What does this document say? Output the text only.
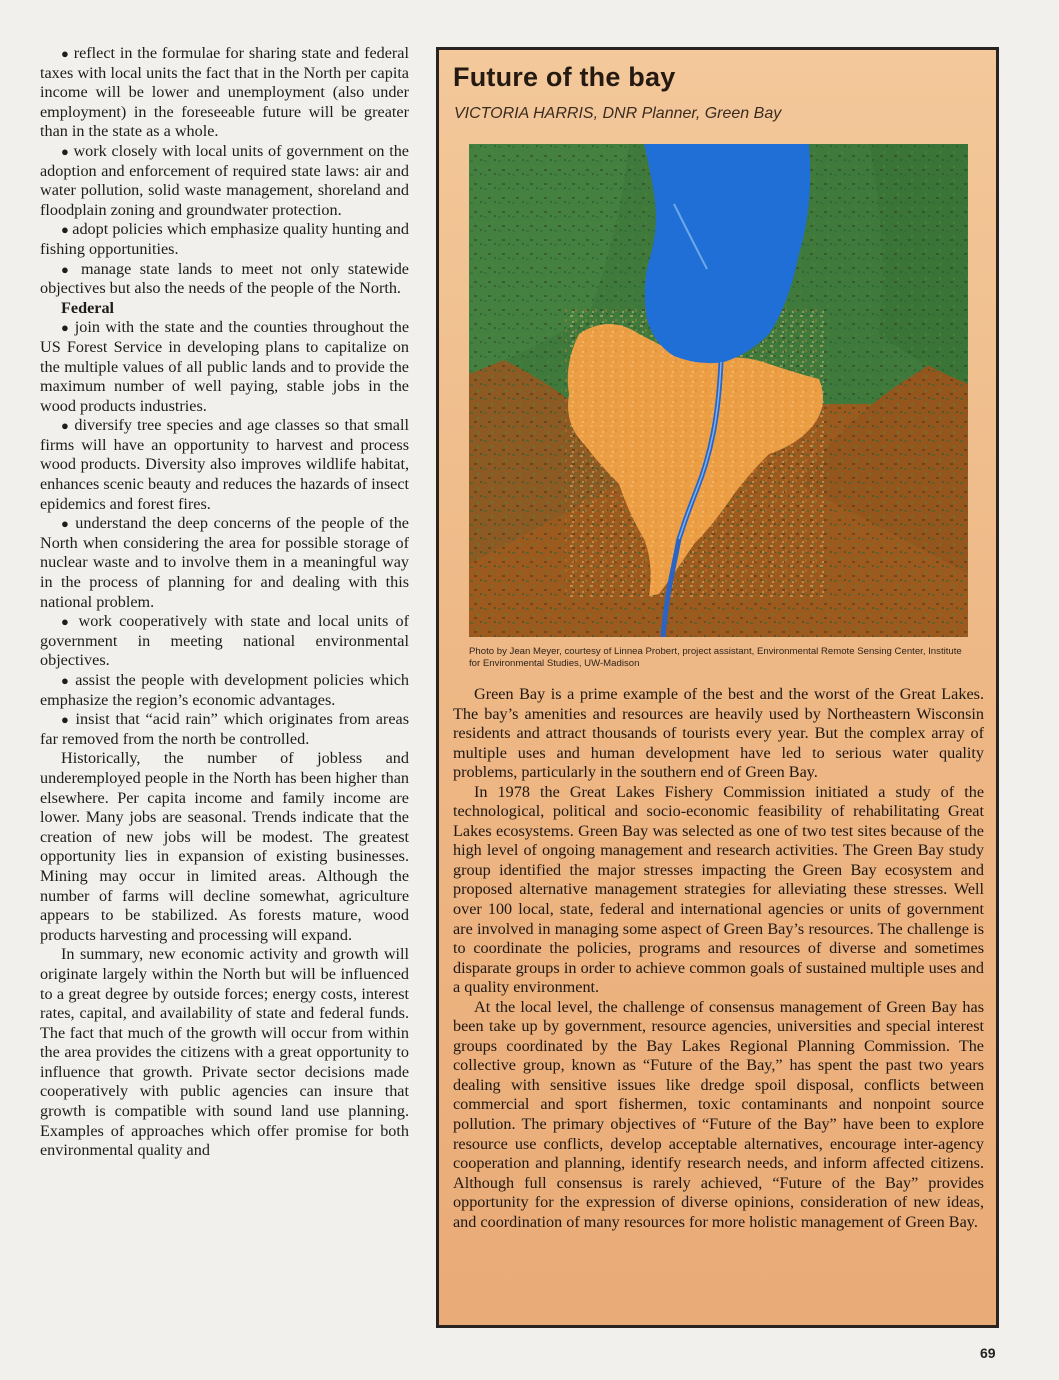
● reflect in the formulae for sharing state and federal taxes with local units the fact that in the North per capita income will be lower and unemployment (also under employment) in the foreseeable future will be greater than in the state as a whole.

● work closely with local units of government on the adoption and enforcement of required state laws: air and water pollution, solid waste management, shoreland and floodplain zoning and groundwater protection.

● adopt policies which emphasize quality hunting and fishing opportunities.

● manage state lands to meet not only statewide objectives but also the needs of the people of the North.

Federal

● join with the state and the counties throughout the US Forest Service in developing plans to capitalize on the multiple values of all public lands and to provide the maximum number of well paying, stable jobs in the wood products industries.

● diversify tree species and age classes so that small firms will have an opportunity to harvest and process wood products. Diversity also improves wildlife habitat, enhances scenic beauty and reduces the hazards of insect epidemics and forest fires.

● understand the deep concerns of the people of the North when considering the area for possible storage of nuclear waste and to involve them in a meaningful way in the process of planning for and dealing with this national problem.

● work cooperatively with state and local units of government in meeting national environmental objectives.

● assist the people with development policies which emphasize the region’s economic advantages.

● insist that “acid rain” which originates from areas far removed from the north be controlled.

Historically, the number of jobless and underemployed people in the North has been higher than elsewhere. Per capita income and family income are lower. Many jobs are seasonal. Trends indicate that the creation of new jobs will be modest. The greatest opportunity lies in expansion of existing businesses. Mining may occur in limited areas. Although the number of farms will decline somewhat, agriculture appears to be stabilized. As forests mature, wood products harvesting and processing will expand.

In summary, new economic activity and growth will originate largely within the North but will be influenced to a great degree by outside forces; energy costs, interest rates, capital, and availability of state and federal funds. The fact that much of the growth will occur from within the area provides the citizens with a great opportunity to influence that growth. Private sector decisions made cooperatively with public agencies can insure that growth is compatible with sound land use planning. Examples of approaches which offer promise for both environmental quality and

Future of the bay
VICTORIA HARRIS, DNR Planner, Green Bay
Photo by Jean Meyer, courtesy of Linnea Probert, project assistant, Environmental Remote Sensing Center, Institute for Environmental Studies, UW-Madison

Green Bay is a prime example of the best and the worst of the Great Lakes. The bay’s amenities and resources are heavily used by Northeastern Wisconsin residents and attract thousands of tourists every year. But the complex array of multiple uses and human development have led to serious water quality problems, particularly in the southern end of Green Bay.

In 1978 the Great Lakes Fishery Commission initiated a study of the technological, political and socio-economic feasibility of rehabilitating Great Lakes ecosystems. Green Bay was selected as one of two test sites because of the high level of ongoing management and research activities. The Green Bay study group identified the major stresses impacting the Green Bay ecosystem and proposed alternative management strategies for alleviating these stresses. Well over 100 local, state, federal and international agencies or units of government are involved in managing some aspect of Green Bay’s resources. The challenge is to coordinate the policies, programs and resources of diverse and sometimes disparate groups in order to achieve common goals of sustained multiple uses and a quality environment.

At the local level, the challenge of consensus management of Green Bay has been take up by government, resource agencies, universities and special interest groups coordinated by the Bay Lakes Regional Planning Commission. The collective group, known as “Future of the Bay,” has spent the past two years dealing with sensitive issues like dredge spoil disposal, conflicts between commercial and sport fishermen, toxic contaminants and nonpoint source pollution. The primary objectives of “Future of the Bay” have been to explore resource use conflicts, develop acceptable alternatives, encourage inter-agency cooperation and planning, identify research needs, and inform affected citizens. Although full consensus is rarely achieved, “Future of the Bay” provides opportunity for the expression of diverse opinions, consideration of new ideas, and coordination of many resources for more holistic management of Green Bay.

69
